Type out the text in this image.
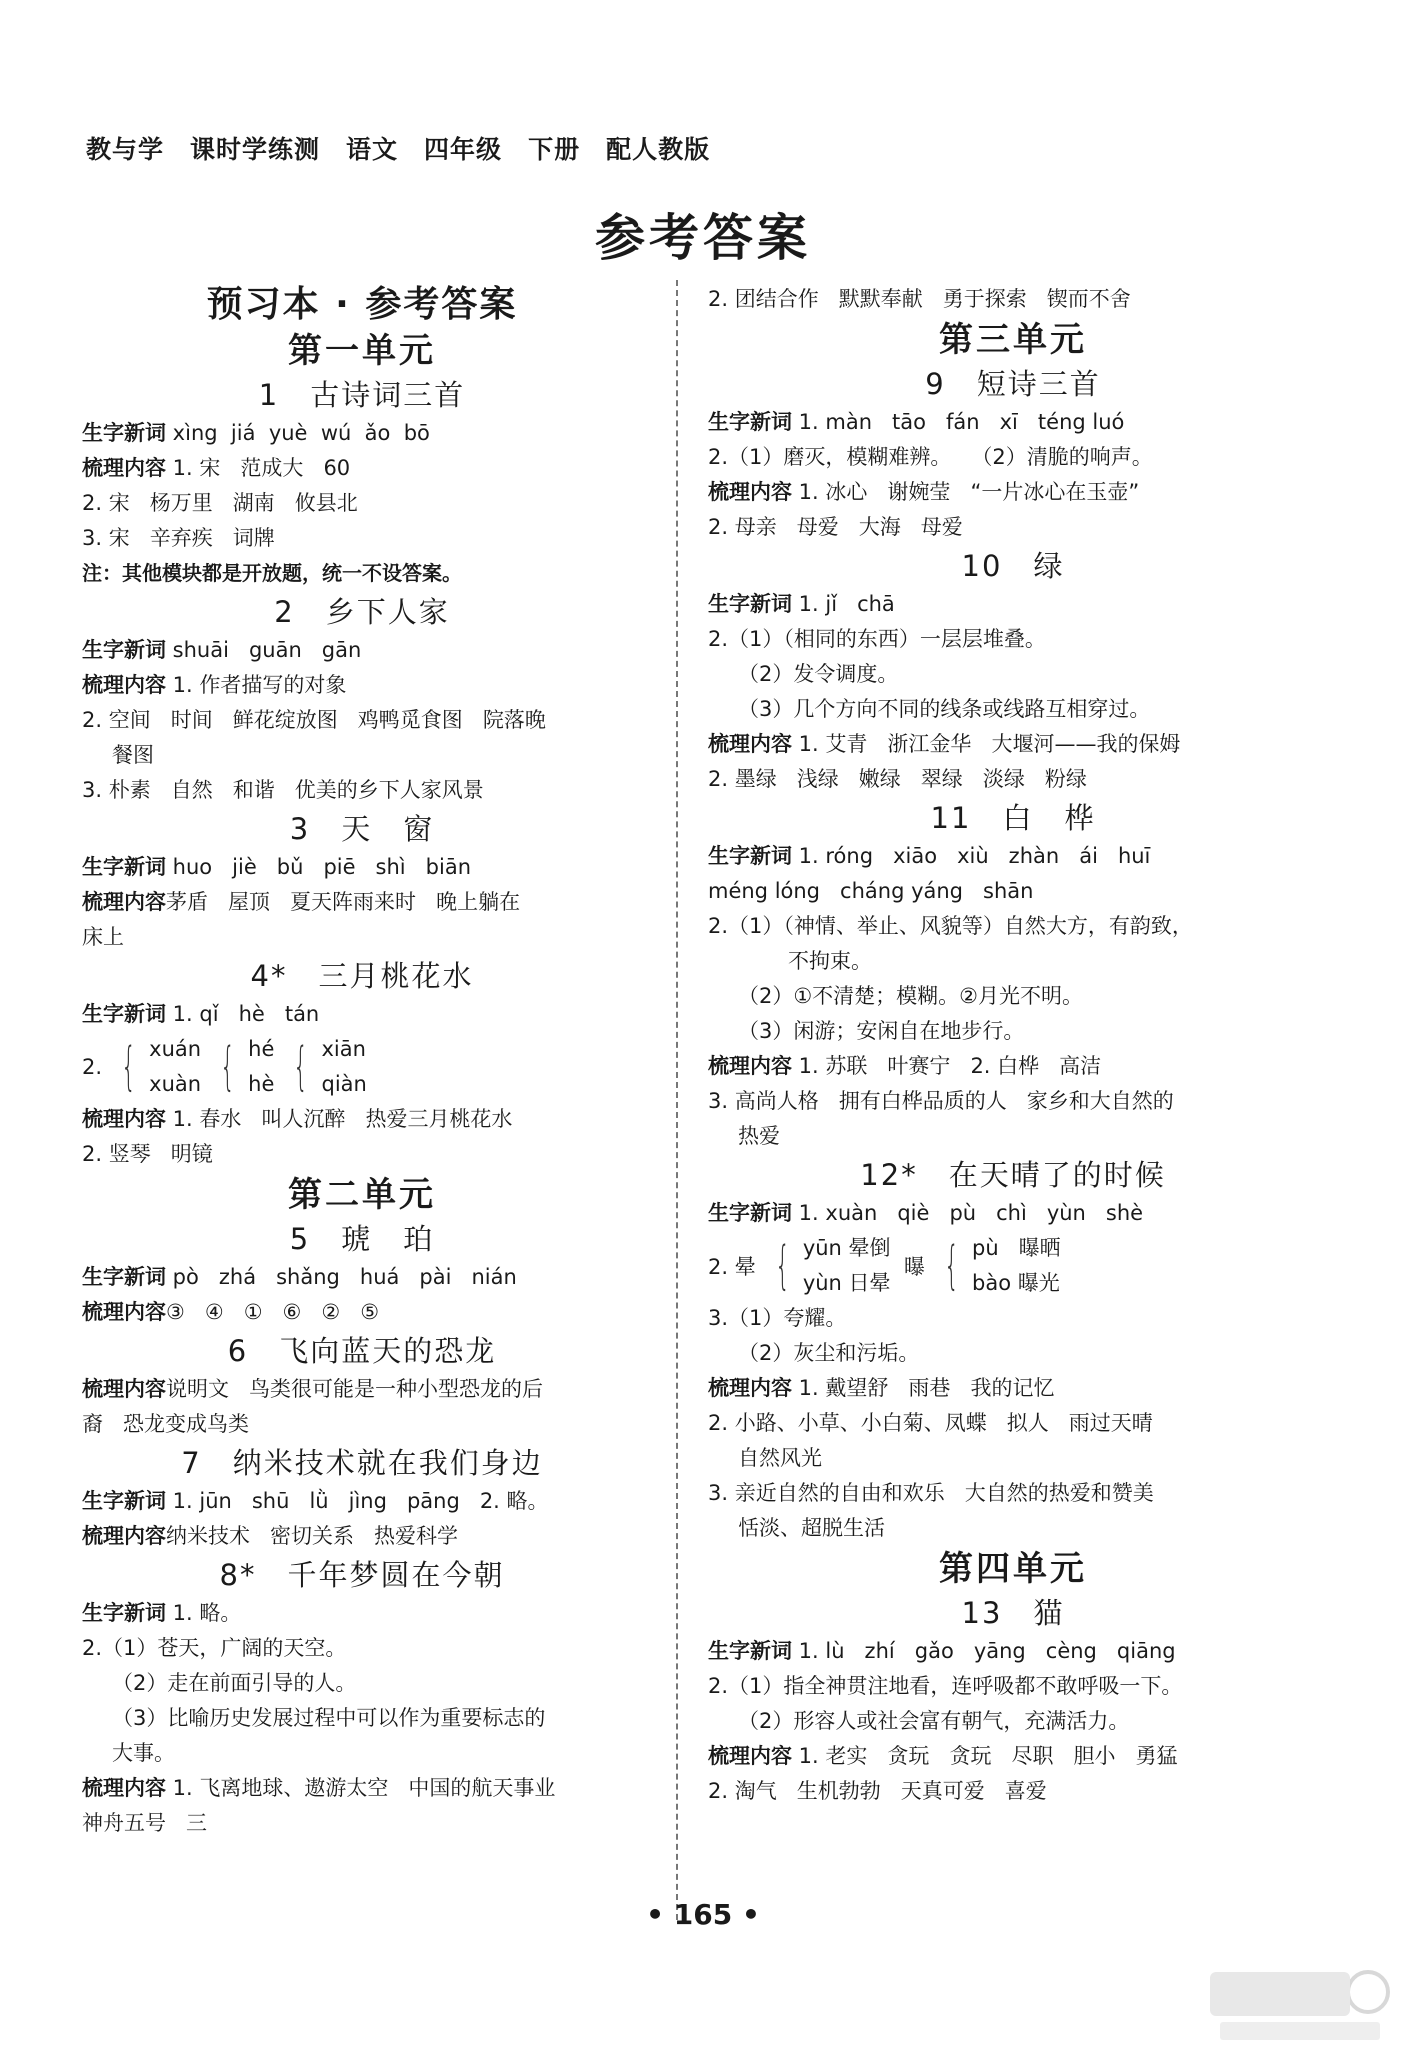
教与学 课时学练测 语文 四年级 下册 配人教版
参考答案
预习本 · 参考答案
第一单元
1　古诗词三首
生字新词 xìng  jiá  yuè  wú  ǎo  bō
梳理内容 1. 宋   范成大   60
2. 宋   杨万里   湖南   攸县北
3. 宋   辛弃疾   词牌
注：其他模块都是开放题，统一不设答案。
2　乡下人家
生字新词 shuāi   guān   gān
梳理内容 1. 作者描写的对象
2. 空间   时间   鲜花绽放图   鸡鸭觅食图   院落晚
餐图
3. 朴素   自然   和谐   优美的乡下人家风景
3　天　窗
生字新词 huo   jiè   bǔ   piē   shì   biān
梳理内容茅盾   屋顶   夏天阵雨来时   晚上躺在
床上
4*　三月桃花水
生字新词 1. qǐ   hè   tán
2. { xuán
xuàn { hé
hè { xiān
qiàn
梳理内容 1. 春水   叫人沉醉   热爱三月桃花水
2. 竖琴   明镜
第二单元
5　琥　珀
生字新词 pò   zhá   shǎng   huá   pài   nián
梳理内容③   ④   ①   ⑥   ②   ⑤
6　飞向蓝天的恐龙
梳理内容说明文   鸟类很可能是一种小型恐龙的后
裔   恐龙变成鸟类
7　纳米技术就在我们身边
生字新词 1. jūn   shū   lǜ   jìng   pāng   2. 略。
梳理内容纳米技术   密切关系   热爱科学
8*　千年梦圆在今朝
生字新词 1. 略。
2.（1）苍天，广阔的天空。
（2）走在前面引导的人。
（3）比喻历史发展过程中可以作为重要标志的
大事。
梳理内容 1. 飞离地球、遨游太空   中国的航天事业
神舟五号   三
2. 团结合作   默默奉献   勇于探索   锲而不舍
第三单元
9　短诗三首
生字新词 1. màn   tāo   fán   xī   téng luó
2.（1）磨灭，模糊难辨。   （2）清脆的响声。
梳理内容 1. 冰心   谢婉莹   “一片冰心在玉壶”
2. 母亲   母爱   大海   母爱
10　绿
生字新词 1. jǐ   chā
2.（1）（相同的东西）一层层堆叠。
（2）发令调度。
（3）几个方向不同的线条或线路互相穿过。
梳理内容 1. 艾青   浙江金华   大堰河——我的保姆
2. 墨绿   浅绿   嫩绿   翠绿   淡绿   粉绿
11　白　桦
生字新词 1. róng   xiāo   xiù   zhàn   ái   huī
méng lóng   cháng yáng   shān
2.（1）（神情、举止、风貌等）自然大方，有韵致，
不拘束。
（2）①不清楚；模糊。②月光不明。
（3）闲游；安闲自在地步行。
梳理内容 1. 苏联   叶赛宁   2. 白桦   高洁
3. 高尚人格   拥有白桦品质的人   家乡和大自然的
热爱
12*　在天晴了的时候
生字新词 1. xuàn   qiè   pù   chì   yùn   shè
2. 晕 { yūn 晕倒
yùn 日晕
曝 { pù   曝晒
bào 曝光
3.（1）夸耀。
（2）灰尘和污垢。
梳理内容 1. 戴望舒   雨巷   我的记忆
2. 小路、小草、小白菊、凤蝶   拟人   雨过天晴
自然风光
3. 亲近自然的自由和欢乐   大自然的热爱和赞美
恬淡、超脱生活
第四单元
13　猫
生字新词 1. lù   zhí   gǎo   yāng   cèng   qiāng
2.（1）指全神贯注地看，连呼吸都不敢呼吸一下。
（2）形容人或社会富有朝气，充满活力。
梳理内容 1. 老实   贪玩   贪玩   尽职   胆小   勇猛
2. 淘气   生机勃勃   天真可爱   喜爱
• 165 •
